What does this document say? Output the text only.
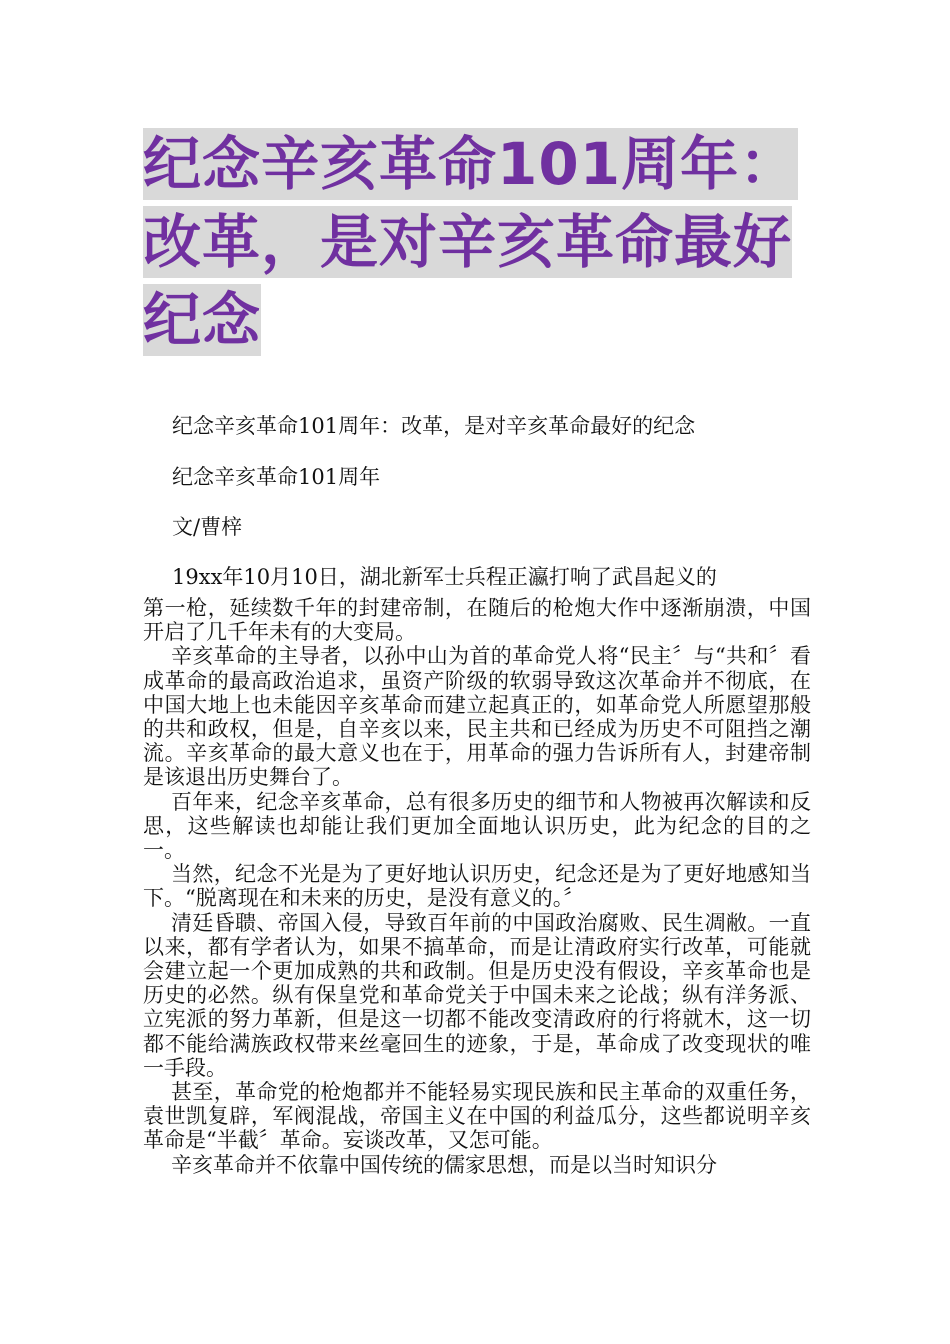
纪念辛亥革命101周年：
改革，是对辛亥革命最好
纪念
纪念辛亥革命101周年：改革，是对辛亥革命最好的纪念
纪念辛亥革命101周年
文/曹梓
19xx年10月10日，湖北新军士兵程正瀛打响了武昌起义的

第一枪，延续数千年的封建帝制，在随后的枪炮大作中逐渐崩溃，中国开启了几千年未有的大变局。

辛亥革命的主导者，以孙中山为首的革命党人将“民主〞与“共和〞看成革命的最高政治追求，虽资产阶级的软弱导致这次革命并不彻底，在中国大地上也未能因辛亥革命而建立起真正的，如革命党人所愿望那般的共和政权，但是，自辛亥以来，民主共和已经成为历史不可阻挡之潮流。辛亥革命的最大意义也在于，用革命的强力告诉所有人，封建帝制是该退出历史舞台了。

百年来，纪念辛亥革命，总有很多历史的细节和人物被再次解读和反思，这些解读也却能让我们更加全面地认识历史，此为纪念的目的之一。

当然，纪念不光是为了更好地认识历史，纪念还是为了更好地感知当下。“脱离现在和未来的历史，是没有意义的。〞

清廷昏聩、帝国入侵，导致百年前的中国政治腐败、民生凋敝。一直以来，都有学者认为，如果不搞革命，而是让清政府实行改革，可能就会建立起一个更加成熟的共和政制。但是历史没有假设，辛亥革命也是历史的必然。纵有保皇党和革命党关于中国未来之论战；纵有洋务派、立宪派的努力革新，但是这一切都不能改变清政府的行将就木，这一切都不能给满族政权带来丝毫回生的迹象，于是，革命成了改变现状的唯一手段。

甚至，革命党的枪炮都并不能轻易实现民族和民主革命的双重任务，袁世凯复辟，军阀混战，帝国主义在中国的利益瓜分，这些都说明辛亥革命是“半截〞革命。妄谈改革，又怎可能。

辛亥革命并不依靠中国传统的儒家思想，而是以当时知识分
